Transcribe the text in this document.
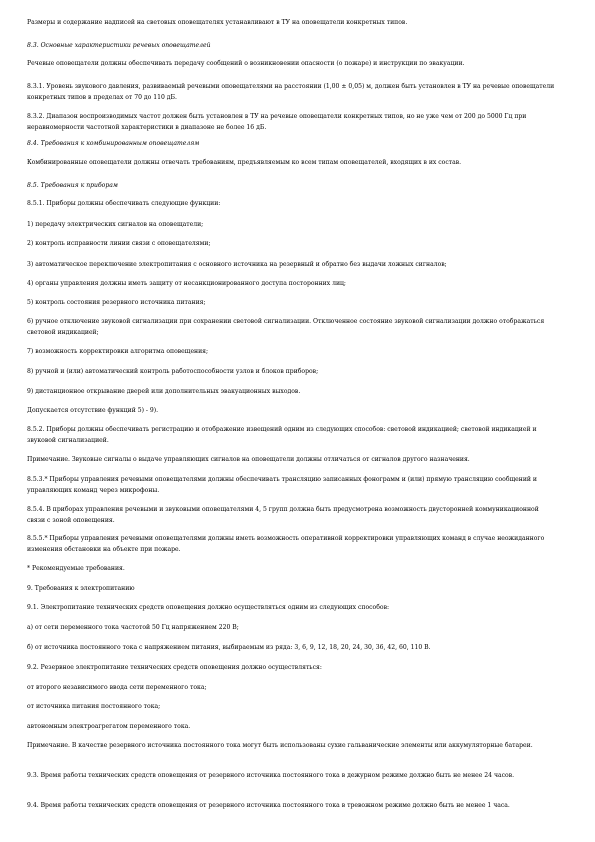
Размеры и содержание надписей на световых оповещателях устанавливают в ТУ на оповещатели конкретных типов.

8.3. Основные характеристики речевых оповещателей

Речевые оповещатели должны обеспечивать передачу сообщений о возникновении опасности (о пожаре) и инструкции по эвакуации.

8.3.1. Уровень звукового давления, развиваемый речевыми оповещателями на расстоянии (1,00 ± 0,05) м, должен быть установлен в ТУ на речевые оповещатели конкретных типов в пределах от 70 до 110 дБ.

8.3.2. Диапазон воспроизводимых частот должен быть установлен в ТУ на речевые оповещатели конкретных типов, но не уже чем от 200 до 5000 Гц при неравномерности частотной характеристики в диапазоне не более 16 дБ.

8.4. Требования к комбинированным оповещателям

Комбинированные оповещатели должны отвечать требованиям, предъявляемым ко всем типам оповещателей, входящих в их состав.

8.5. Требования к приборам

8.5.1. Приборы должны обеспечивать следующие функции:

1) передачу электрических сигналов на оповещатели;

2) контроль исправности линии связи с оповещателями;

3) автоматическое переключение электропитания с основного источника на резервный и обратно без выдачи ложных сигналов;

4) органы управления должны иметь защиту от несанкционированного доступа посторонних лиц;

5) контроль состояния резервного источника питания;

6) ручное отключение звуковой сигнализации при сохранении световой сигнализации. Отключенное состояние звуковой сигнализации должно отображаться световой индикацией;

7) возможность корректировки алгоритма оповещения;

8) ручной и (или) автоматический контроль работоспособности узлов и блоков приборов;

9) дистанционное открывание дверей или дополнительных эвакуационных выходов.

Допускается отсутствие функций 5) - 9).

8.5.2. Приборы должны обеспечивать регистрацию и отображение извещений одним из следующих способов: световой индикацией; световой индикацией и звуковой сигнализацией.

Примечание. Звуковые сигналы о выдаче управляющих сигналов на оповещатели должны отличаться от сигналов другого назначения.

8.5.3.* Приборы управления речевыми оповещателями должны обеспечивать трансляцию записанных фонограмм и (или) прямую трансляцию сообщений и управляющих команд через микрофоны.

8.5.4. В приборах управления речевыми и звуковыми оповещателями 4, 5 групп должна быть предусмотрена возможность двусторонней коммуникационной связи с зоной оповещения.

8.5.5.* Приборы управления речевыми оповещателями должны иметь возможность оперативной корректировки управляющих команд в случае неожиданного изменения обстановки на объекте при пожаре.

* Рекомендуемые требования.

9. Требования к электропитанию

9.1. Электропитание технических средств оповещения должно осуществляться одним из следующих способов:

а) от сети переменного тока частотой 50 Гц напряжением 220 В;

б) от источника постоянного тока с напряжением питания, выбираемым из ряда: 3, 6, 9, 12, 18, 20, 24, 30, 36, 42, 60, 110 В.

9.2. Резервное электропитание технических средств оповещения должно осуществляться:

от второго независимого ввода сети переменного тока;

от источника питания постоянного тока;

автономным электроагрегатом переменного тока.

Примечание. В качестве резервного источника постоянного тока могут быть использованы сухие гальванические элементы или аккумуляторные батареи.

9.3. Время работы технических средств оповещения от резервного источника постоянного тока в дежурном режиме должно быть не менее 24 часов.

9.4. Время работы технических средств оповещения от резервного источника постоянного тока в тревожном режиме должно быть не менее 1 часа.
